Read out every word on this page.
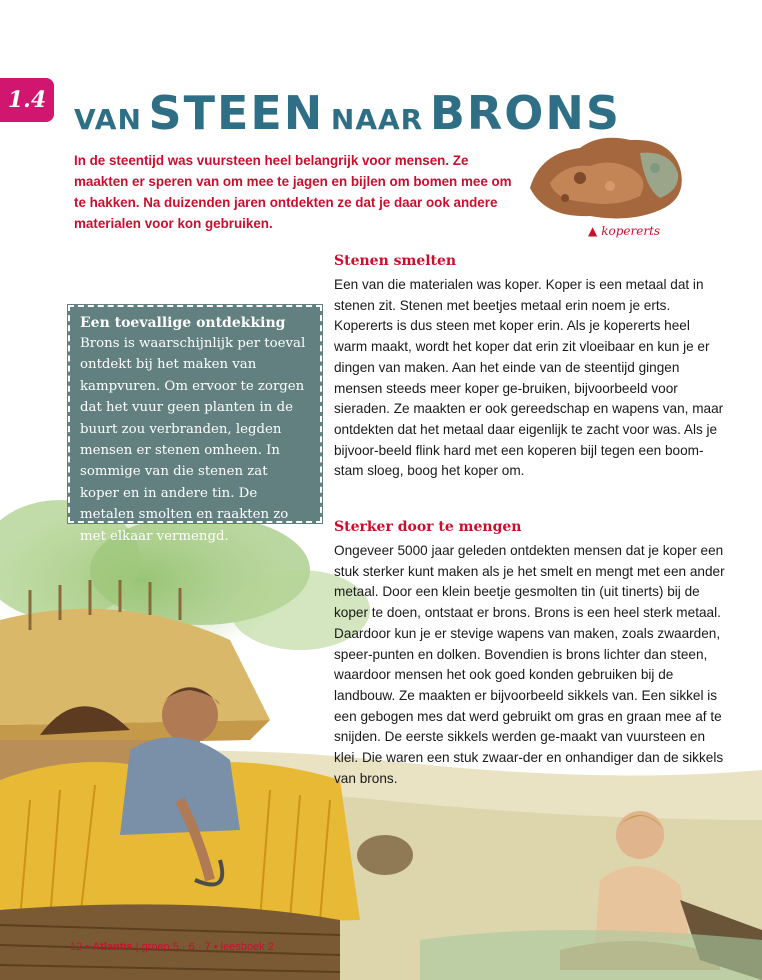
1.4
VAN STEEN NAAR BRONS
In de steentijd was vuursteen heel belangrijk voor mensen. Ze maakten er speren van om mee te jagen en bijlen om bomen mee om te hakken. Na duizenden jaren ontdekten ze dat je daar ook andere materialen voor kon gebruiken.	▲ kopererts
Een toevallige ontdekking
Brons is waarschijnlijk per toeval ontdekt bij het maken van kampvuren. Om ervoor te zorgen dat het vuur geen planten in de buurt zou verbranden, legden mensen er stenen omheen. In sommige van die stenen zat koper en in andere tin. De metalen smolten en raakten zo met elkaar vermengd.
Stenen smelten
Een van die materialen was koper. Koper is een metaal dat in stenen zit. Stenen met beetjes metaal erin noem je erts. Kopererts is dus steen met koper erin. Als je kopererts heel warm maakt, wordt het koper dat erin zit vloeibaar en kun je er dingen van maken. Aan het einde van de steentijd gingen mensen steeds meer koper ge-bruiken, bijvoorbeeld voor sieraden. Ze maakten er ook gereedschap en wapens van, maar ontdekten dat het metaal daar eigenlijk te zacht voor was. Als je bijvoor-beeld flink hard met een koperen bijl tegen een boom-stam sloeg, boog het koper om.
Sterker door te mengen
Ongeveer 5000 jaar geleden ontdekten mensen dat je koper een stuk sterker kunt maken als je het smelt en mengt met een ander metaal. Door een klein beetje gesmolten tin (uit tinerts) bij de koper te doen, ontstaat er brons. Brons is een heel sterk metaal. Daardoor kun je er stevige wapens van maken, zoals zwaarden, speer-punten en dolken. Bovendien is brons lichter dan steen, waardoor mensen het ook goed konden gebruiken bij de landbouw. Ze maakten er bijvoorbeeld sikkels van. Een sikkel is een gebogen mes dat werd gebruikt om gras en graan mee af te snijden. De eerste sikkels werden ge-maakt van vuursteen en klei. Die waren een stuk zwaar-der en onhandiger dan de sikkels van brons.
12 • Atlantis | groep 5 · 6 · 7 • leesboek 2
